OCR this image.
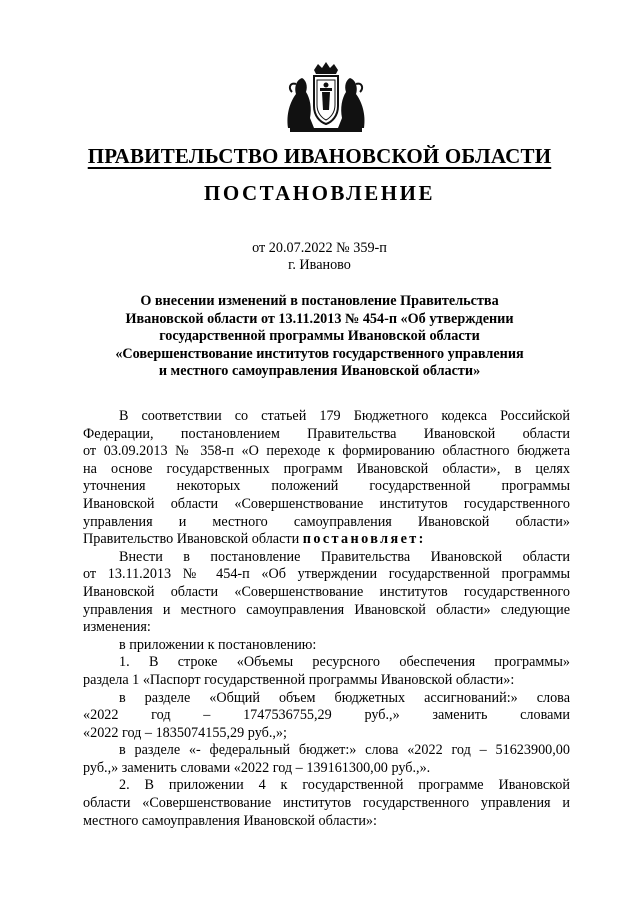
ПРАВИТЕЛЬСТВО ИВАНОВСКОЙ ОБЛАСТИ
ПОСТАНОВЛЕНИЕ
от 20.07.2022 № 359-п
г. Иваново
О внесении изменений в постановление Правительства
Ивановской области от 13.11.2013 № 454-п «Об утверждении
государственной программы Ивановской области
«Совершенствование институтов государственного управления
и местного самоуправления Ивановской области»

В соответствии со статьей 179 Бюджетного кодекса Российской

Федерации, постановлением Правительства Ивановской области

от 03.09.2013 № 358-п «О переходе к формированию областного бюджета

на основе государственных программ Ивановской области», в целях

уточнения некоторых положений государственной программы

Ивановской области «Совершенствование институтов государственного

управления и местного самоуправления Ивановской области»

Правительство Ивановской области постановляет:

Внести в постановление Правительства Ивановской области

от 13.11.2013 № 454-п «Об утверждении государственной программы

Ивановской области «Совершенствование институтов государственного

управления и местного самоуправления Ивановской области» следующие

изменения:

в приложении к постановлению:

1. В строке «Объемы ресурсного обеспечения программы»

раздела 1 «Паспорт государственной программы Ивановской области»:

в разделе «Общий объем бюджетных ассигнований:» слова

«2022 год – 1747536755,29 руб.,» заменить словами

«2022 год – 1835074155,29 руб.,»;

в разделе «- федеральный бюджет:» слова «2022 год – 51623900,00

руб.,» заменить словами «2022 год – 139161300,00 руб.,».

2. В приложении 4 к государственной программе Ивановской

области «Совершенствование институтов государственного управления и

местного самоуправления Ивановской области»:
